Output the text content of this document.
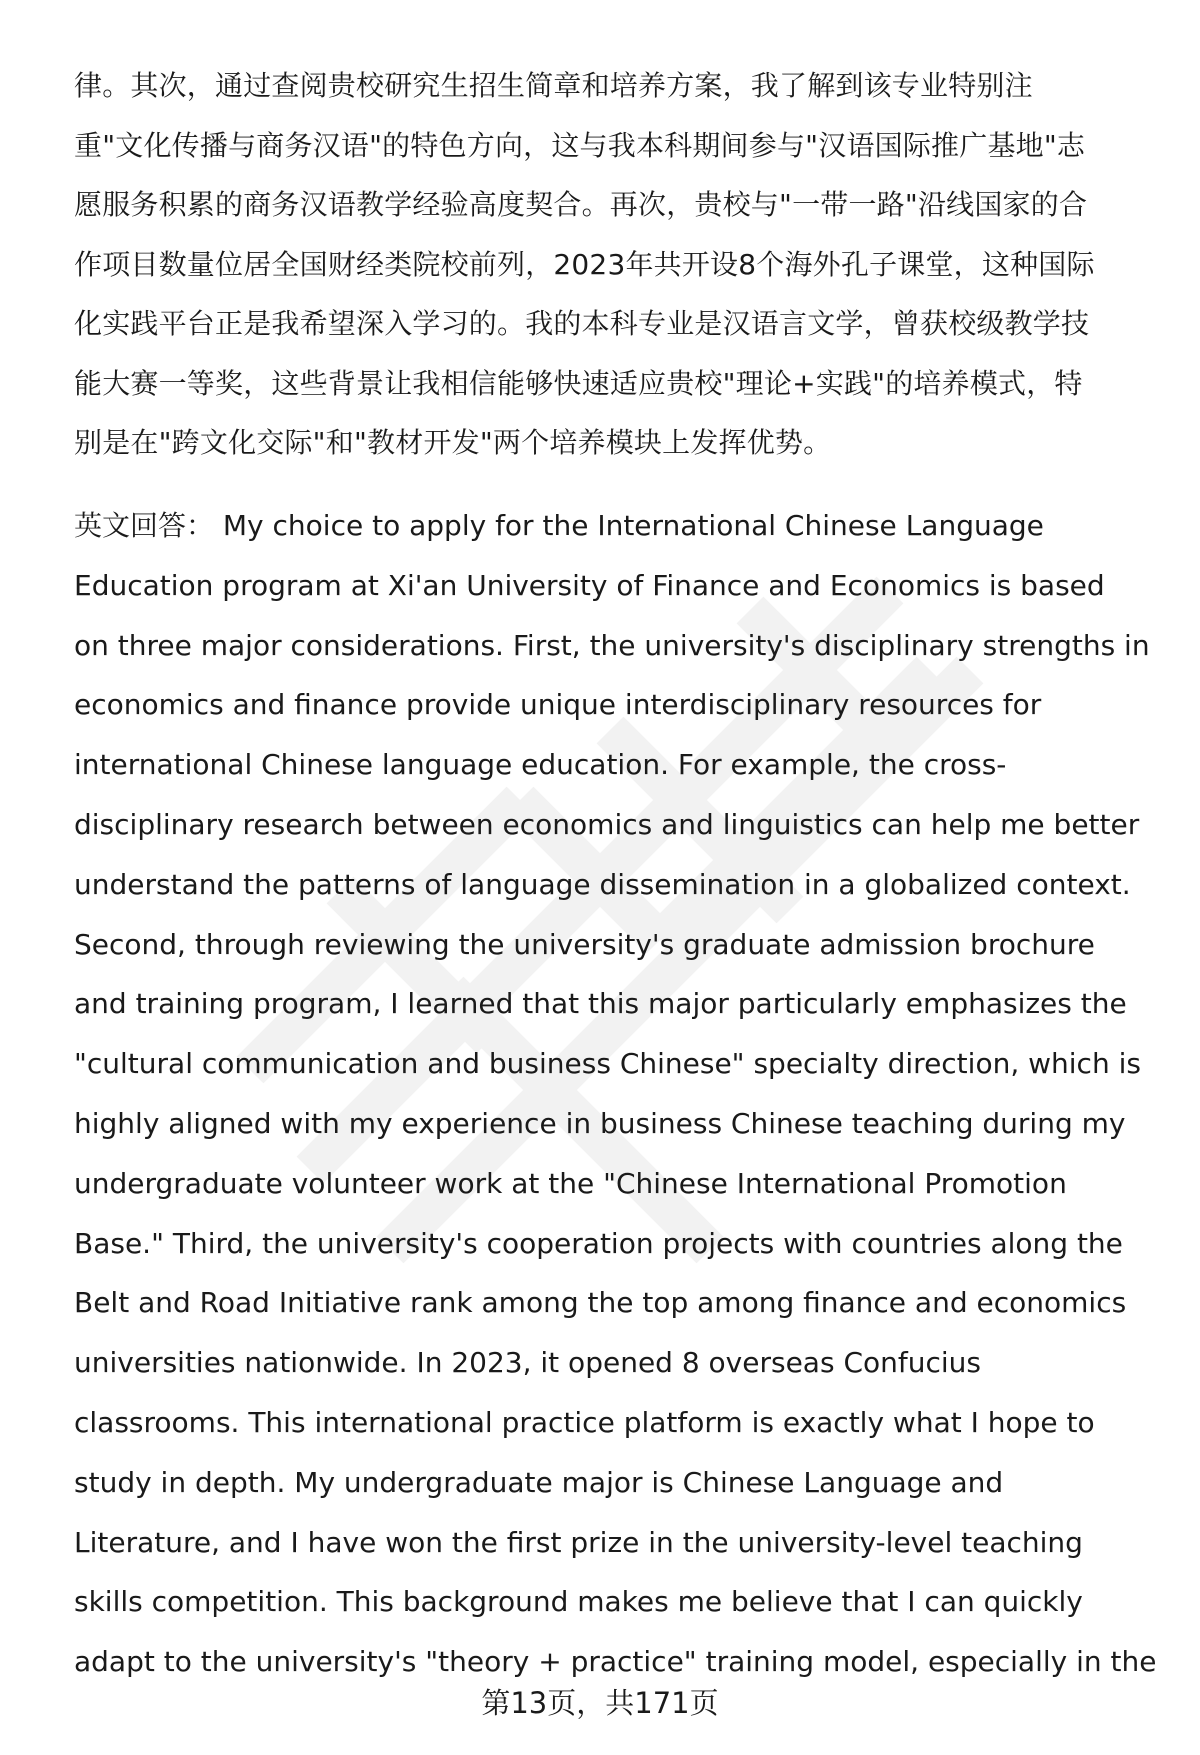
律。其次，通过查阅贵校研究生招生简章和培养方案，我了解到该专业特别注
重"文化传播与商务汉语"的特色方向，这与我本科期间参与"汉语国际推广基地"志
愿服务积累的商务汉语教学经验高度契合。再次，贵校与"一带一路"沿线国家的合
作项目数量位居全国财经类院校前列，2023年共开设8个海外孔子课堂，这种国际
化实践平台正是我希望深入学习的。我的本科专业是汉语言文学，曾获校级教学技
能大赛一等奖，这些背景让我相信能够快速适应贵校"理论+实践"的培养模式，特
别是在"跨文化交际"和"教材开发"两个培养模块上发挥优势。
英文回答： My choice to apply for the International Chinese Language
Education program at Xi'an University of Finance and Economics is based
on three major considerations. First, the university's disciplinary strengths in
economics and finance provide unique interdisciplinary resources for
international Chinese language education. For example, the cross-
disciplinary research between economics and linguistics can help me better
understand the patterns of language dissemination in a globalized context.
Second, through reviewing the university's graduate admission brochure
and training program, I learned that this major particularly emphasizes the
"cultural communication and business Chinese" specialty direction, which is
highly aligned with my experience in business Chinese teaching during my
undergraduate volunteer work at the "Chinese International Promotion
Base." Third, the university's cooperation projects with countries along the
Belt and Road Initiative rank among the top among finance and economics
universities nationwide. In 2023, it opened 8 overseas Confucius
classrooms. This international practice platform is exactly what I hope to
study in depth. My undergraduate major is Chinese Language and
Literature, and I have won the first prize in the university-level teaching
skills competition. This background makes me believe that I can quickly
adapt to the university's "theory + practice" training model, especially in the
第13页，共171页
